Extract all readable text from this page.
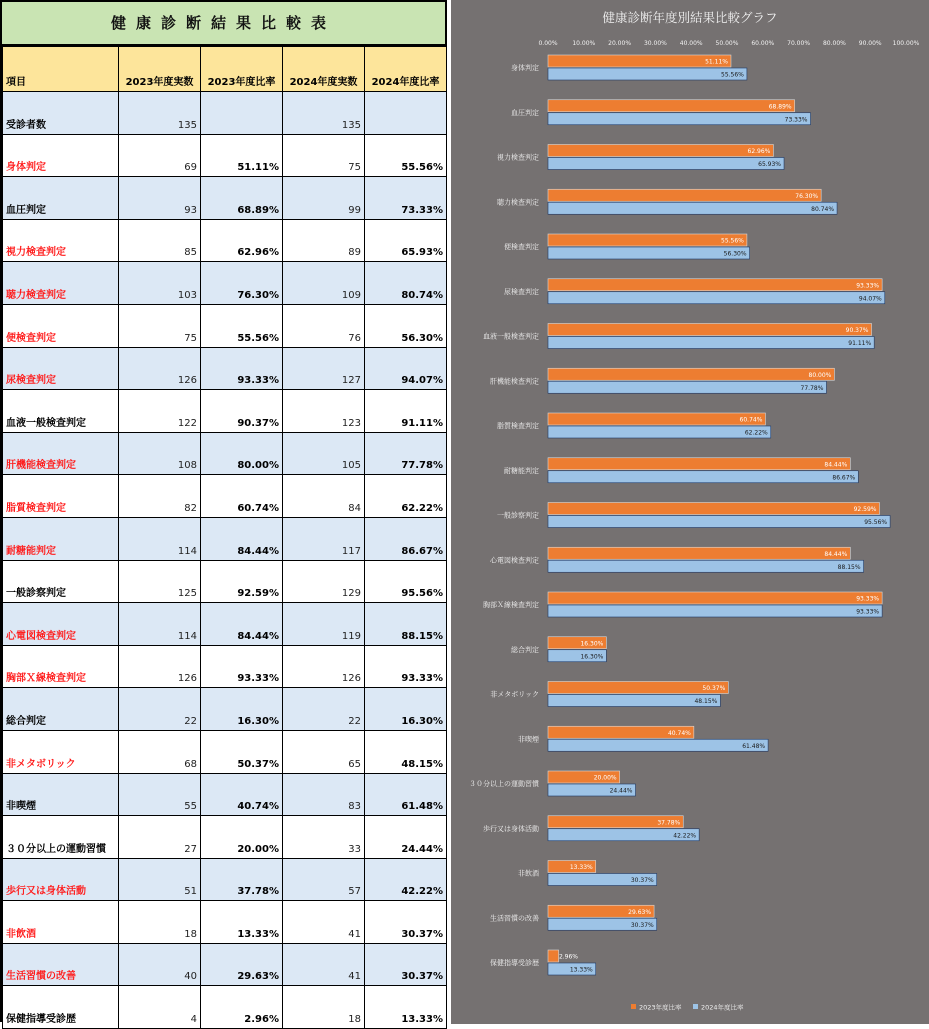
健康診断結果比較表
項目	2023年度実数	2023年度比率	2024年度実数	2024年度比率
受診者数	135		135	
身体判定	69	51.11%	75	55.56%
血圧判定	93	68.89%	99	73.33%
視力検査判定	85	62.96%	89	65.93%
聴力検査判定	103	76.30%	109	80.74%
便検査判定	75	55.56%	76	56.30%
尿検査判定	126	93.33%	127	94.07%
血液一般検査判定	122	90.37%	123	91.11%
肝機能検査判定	108	80.00%	105	77.78%
脂質検査判定	82	60.74%	84	62.22%
耐糖能判定	114	84.44%	117	86.67%
一般診察判定	125	92.59%	129	95.56%
心電図検査判定	114	84.44%	119	88.15%
胸部Ｘ線検査判定	126	93.33%	126	93.33%
総合判定	22	16.30%	22	16.30%
非メタボリック	68	50.37%	65	48.15%
非喫煙	55	40.74%	83	61.48%
３０分以上の運動習慣	27	20.00%	33	24.44%
歩行又は身体活動	51	37.78%	57	42.22%
非飲酒	18	13.33%	41	30.37%
生活習慣の改善	40	29.63%	41	30.37%
保健指導受診歴	4	2.96%	18	13.33%
健康診断年度別結果比較グラフ
0.00% 10.00% 20.00% 30.00% 40.00% 50.00% 60.00% 70.00% 80.00% 90.00% 100.00%
身体判定
51.11%
55.56%
血圧判定
68.89%
73.33%
視力検査判定
62.96%
65.93%
聴力検査判定
76.30%
80.74%
便検査判定
55.56%
56.30%
尿検査判定
93.33%
94.07%
血液一般検査判定
90.37%
91.11%
肝機能検査判定
80.00%
77.78%
脂質検査判定
60.74%
62.22%
耐糖能判定
84.44%
86.67%
一般診察判定
92.59%
95.56%
心電図検査判定
84.44%
88.15%
胸部Ｘ線検査判定
93.33%
93.33%
総合判定
16.30%
16.30%
非メタボリック
50.37%
48.15%
非喫煙
40.74%
61.48%
３０分以上の運動習慣
20.00%
24.44%
歩行又は身体活動
37.78%
42.22%
非飲酒
13.33%
30.37%
生活習慣の改善
29.63%
30.37%
保健指導受診歴
2.96%
13.33%
2023年度比率	2024年度比率
